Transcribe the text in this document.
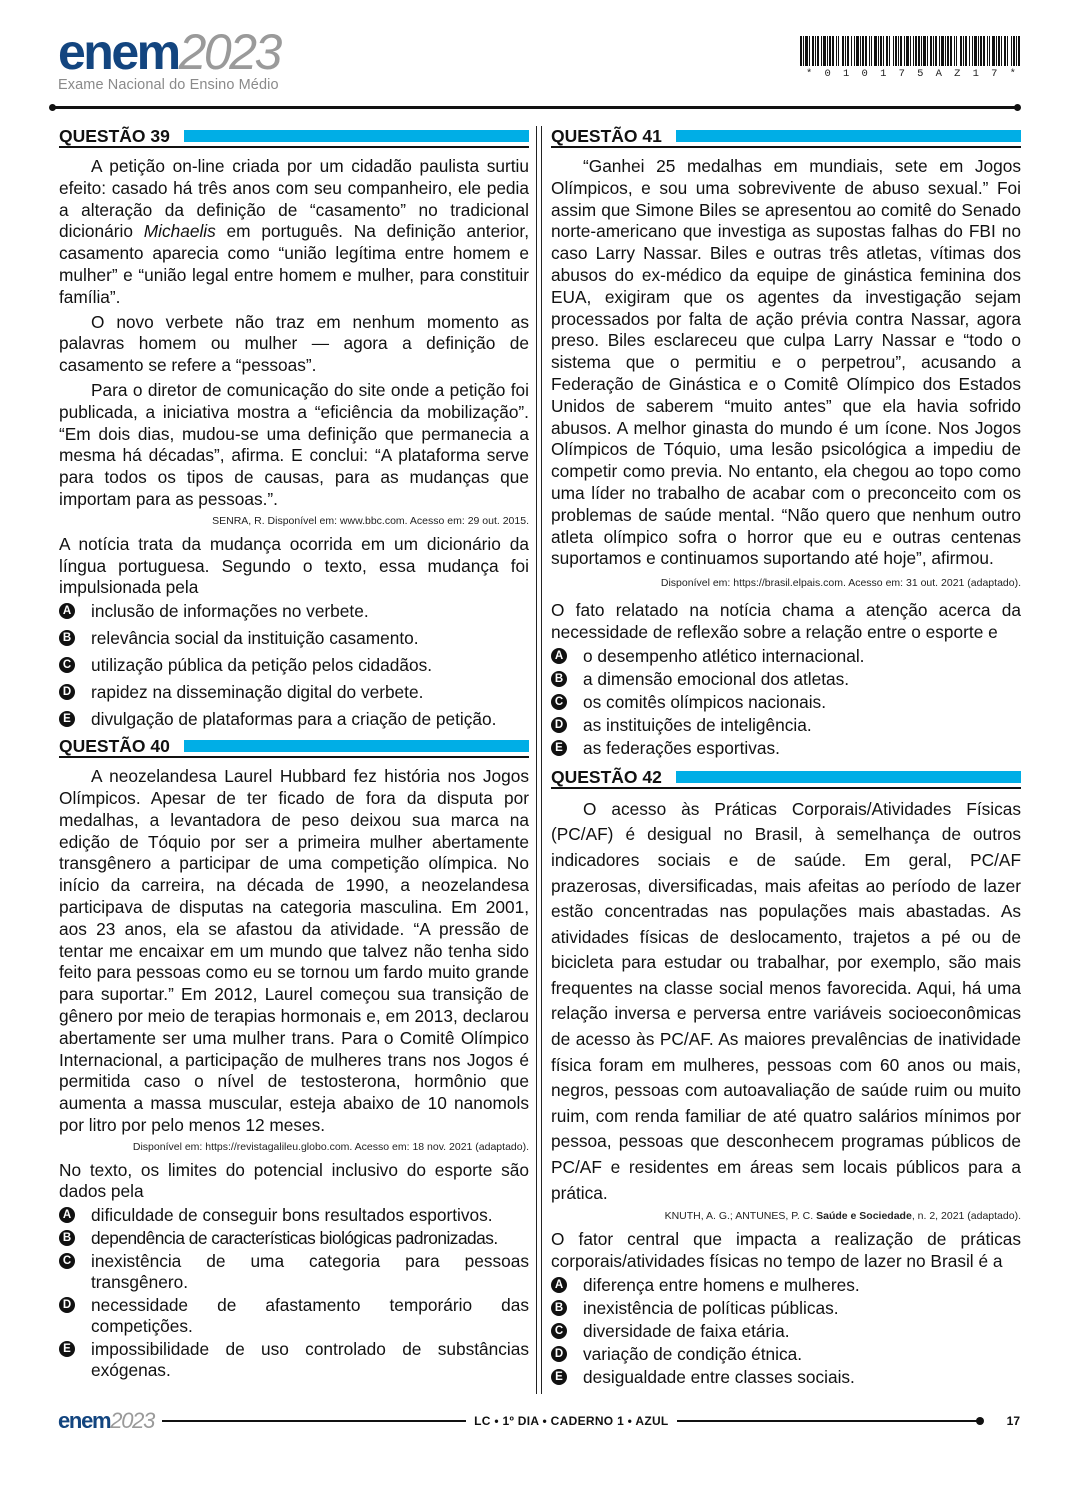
enem2023
Exame Nacional do Ensino Médio
* 0 1 0 1 7 5 A Z 1 7 *
QUESTÃO 39

A petição on-line criada por um cidadão paulista surtiu efeito: casado há três anos com seu companheiro, ele pedia a alteração da definição de “casamento” no tradicional dicionário Michaelis em português. Na definição anterior, casamento aparecia como “união legítima entre homem e mulher” e “união legal entre homem e mulher, para constituir família”.

O novo verbete não traz em nenhum momento as palavras homem ou mulher — agora a definição de casamento se refere a “pessoas”.

Para o diretor de comunicação do site onde a petição foi publicada, a iniciativa mostra a “eficiência da mobilização”. “Em dois dias, mudou-se uma definição que permanecia a mesma há décadas”, afirma. E conclui: “A plataforma serve para todos os tipos de causas, para as mudanças que importam para as pessoas.”.

SENRA, R. Disponível em: www.bbc.com. Acesso em: 29 out. 2015.

A notícia trata da mudança ocorrida em um dicionário da língua portuguesa. Segundo o texto, essa mudança foi impulsionada pela

A inclusão de informações no verbete.
B relevância social da instituição casamento.
C utilização pública da petição pelos cidadãos.
D rapidez na disseminação digital do verbete.
E divulgação de plataformas para a criação de petição.
QUESTÃO 40

A neozelandesa Laurel Hubbard fez história nos Jogos Olímpicos. Apesar de ter ficado de fora da disputa por medalhas, a levantadora de peso deixou sua marca na edição de Tóquio por ser a primeira mulher abertamente transgênero a participar de uma competição olímpica. No início da carreira, na década de 1990, a neozelandesa participava de disputas na categoria masculina. Em 2001, aos 23 anos, ela se afastou da atividade. “A pressão de tentar me encaixar em um mundo que talvez não tenha sido feito para pessoas como eu se tornou um fardo muito grande para suportar.” Em 2012, Laurel começou sua transição de gênero por meio de terapias hormonais e, em 2013, declarou abertamente ser uma mulher trans. Para o Comitê Olímpico Internacional, a participação de mulheres trans nos Jogos é permitida caso o nível de testosterona, hormônio que aumenta a massa muscular, esteja abaixo de 10 nanomols por litro por pelo menos 12 meses.

Disponível em: https://revistagalileu.globo.com. Acesso em: 18 nov. 2021 (adaptado).

No texto, os limites do potencial inclusivo do esporte são dados pela

A dificuldade de conseguir bons resultados esportivos.
B dependência de características biológicas padronizadas.
C inexistência de uma categoria para pessoas transgênero.
D necessidade de afastamento temporário das competições.
E impossibilidade de uso controlado de substâncias exógenas.
QUESTÃO 41

“Ganhei 25 medalhas em mundiais, sete em Jogos Olímpicos, e sou uma sobrevivente de abuso sexual.” Foi assim que Simone Biles se apresentou ao comitê do Senado norte-americano que investiga as supostas falhas do FBI no caso Larry Nassar. Biles e outras três atletas, vítimas dos abusos do ex-médico da equipe de ginástica feminina dos EUA, exigiram que os agentes da investigação sejam processados por falta de ação prévia contra Nassar, agora preso. Biles esclareceu que culpa Larry Nassar e “todo o sistema que o permitiu e o perpetrou”, acusando a Federação de Ginástica e o Comitê Olímpico dos Estados Unidos de saberem “muito antes” que ela havia sofrido abusos. A melhor ginasta do mundo é um ícone. Nos Jogos Olímpicos de Tóquio, uma lesão psicológica a impediu de competir como previa. No entanto, ela chegou ao topo como uma líder no trabalho de acabar com o preconceito com os problemas de saúde mental. “Não quero que nenhum outro atleta olímpico sofra o horror que eu e outras centenas suportamos e continuamos suportando até hoje”, afirmou.

Disponível em: https://brasil.elpais.com. Acesso em: 31 out. 2021 (adaptado).

O fato relatado na notícia chama a atenção acerca da necessidade de reflexão sobre a relação entre o esporte e

A o desempenho atlético internacional.
B a dimensão emocional dos atletas.
C os comitês olímpicos nacionais.
D as instituições de inteligência.
E as federações esportivas.
QUESTÃO 42

O acesso às Práticas Corporais/Atividades Físicas (PC/AF) é desigual no Brasil, à semelhança de outros indicadores sociais e de saúde. Em geral, PC/AF prazerosas, diversificadas, mais afeitas ao período de lazer estão concentradas nas populações mais abastadas. As atividades físicas de deslocamento, trajetos a pé ou de bicicleta para estudar ou trabalhar, por exemplo, são mais frequentes na classe social menos favorecida. Aqui, há uma relação inversa e perversa entre variáveis socioeconômicas de acesso às PC/AF. As maiores prevalências de inatividade física foram em mulheres, pessoas com 60 anos ou mais, negros, pessoas com autoavaliação de saúde ruim ou muito ruim, com renda familiar de até quatro salários mínimos por pessoa, pessoas que desconhecem programas públicos de PC/AF e residentes em áreas sem locais públicos para a prática.

KNUTH, A. G.; ANTUNES, P. C. Saúde e Sociedade, n. 2, 2021 (adaptado).

O fator central que impacta a realização de práticas corporais/atividades físicas no tempo de lazer no Brasil é a

A diferença entre homens e mulheres.
B inexistência de políticas públicas.
C diversidade de faixa etária.
D variação de condição étnica.
E desigualdade entre classes sociais.
enem2023	LC • 1º DIA • CADERNO 1 • AZUL	17
